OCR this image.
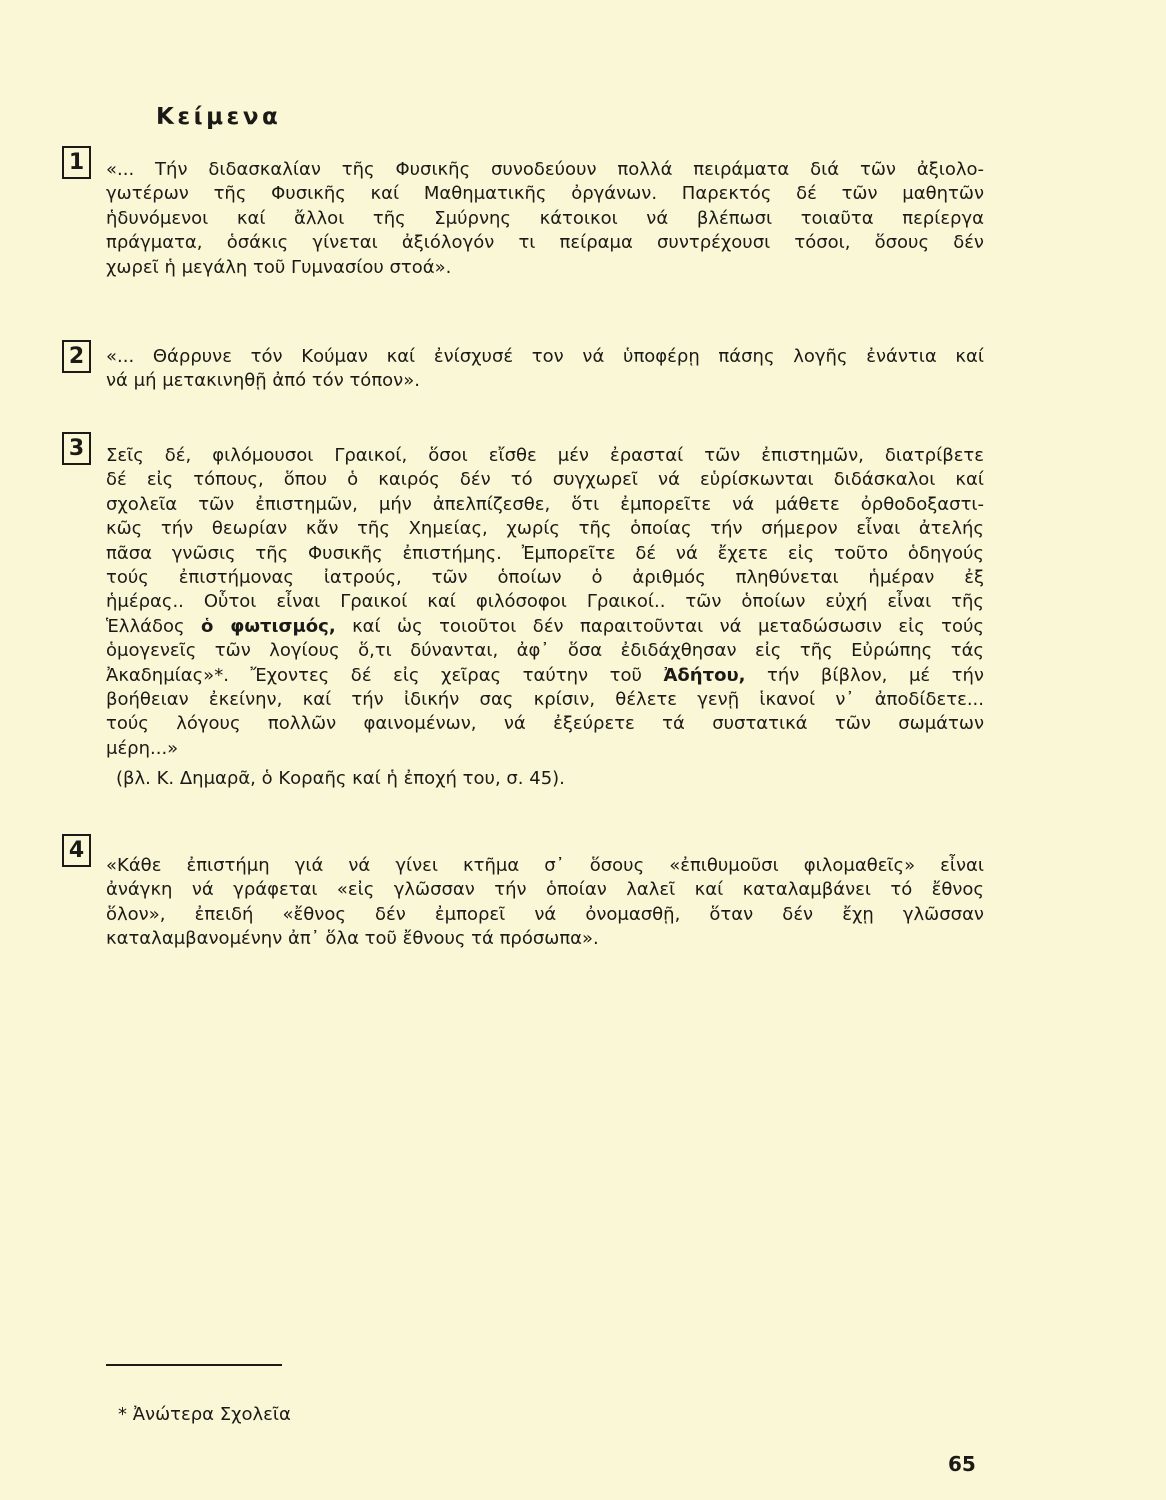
Κείμενα
1	«... Τήν διδασκαλίαν τῆς Φυσικῆς συνοδεύουν πολλά πειράματα διά τῶν ἀξιολο-
γωτέρων τῆς Φυσικῆς καί Μαθηματικῆς ὀργάνων. Παρεκτός δέ τῶν μαθητῶν
ἡδυνόμενοι καί ἄλλοι τῆς Σμύρνης κάτοικοι νά βλέπωσι τοιαῦτα περίεργα
πράγματα, ὁσάκις γίνεται ἀξιόλογόν τι πείραμα συντρέχουσι τόσοι, ὅσους δέν
χωρεῖ ἡ μεγάλη τοῦ Γυμνασίου στοά».
2	«... Θάρρυνε τόν Κούμαν καί ἐνίσχυσέ τον νά ὑποφέρῃ πάσης λογῆς ἐνάντια καί
νά μή μετακινηθῇ ἀπό τόν τόπον».
3	Σεῖς δέ, φιλόμουσοι Γραικοί, ὅσοι εἴσθε μέν ἐρασταί τῶν ἐπιστημῶν, διατρίβετε
δέ εἰς τόπους, ὅπου ὁ καιρός δέν τό συγχωρεῖ νά εὑρίσκωνται διδάσκαλοι καί
σχολεῖα τῶν ἐπιστημῶν, μήν ἀπελπίζεσθε, ὅτι ἐμπορεῖτε νά μάθετε ὀρθοδοξαστι-
κῶς τήν θεωρίαν κἄν τῆς Χημείας, χωρίς τῆς ὁποίας τήν σήμερον εἶναι ἀτελής
πᾶσα γνῶσις τῆς Φυσικῆς ἐπιστήμης. Ἐμπορεῖτε δέ νά ἔχετε εἰς τοῦτο ὁδηγούς
τούς ἐπιστήμονας ἰατρούς, τῶν ὁποίων ὁ ἀριθμός πληθύνεται ἡμέραν ἐξ
ἡμέρας.. Οὗτοι εἶναι Γραικοί καί φιλόσοφοι Γραικοί.. τῶν ὁποίων εὐχή εἶναι τῆς
Ἑλλάδος ὁ φωτισμός, καί ὡς τοιοῦτοι δέν παραιτοῦνται νά μεταδώσωσιν εἰς τούς
ὁμογενεῖς τῶν λογίους ὅ,τι δύνανται, ἀφ᾽ ὅσα ἐδιδάχθησαν εἰς τῆς Εὐρώπης τάς
Ἀκαδημίας»*. Ἔχοντες δέ εἰς χεῖρας ταύτην τοῦ Ἀδήτου, τήν βίβλον, μέ τήν
βοήθειαν ἐκείνην, καί τήν ἰδικήν σας κρίσιν, θέλετε γενῇ ἱκανοί ν᾽ ἀποδίδετε...
τούς λόγους πολλῶν φαινομένων, νά ἐξεύρετε τά συστατικά τῶν σωμάτων
μέρη...»
(βλ. Κ. Δημαρᾶ, ὁ Κοραῆς καί ἡ ἐποχή του, σ. 45).
4
«Κάθε ἐπιστήμη γιά νά γίνει κτῆμα σ᾽ ὅσους «ἐπιθυμοῦσι φιλομαθεῖς» εἶναι
ἀνάγκη νά γράφεται «εἰς γλῶσσαν τήν ὁποίαν λαλεῖ καί καταλαμβάνει τό ἔθνος
ὅλον», ἐπειδή «ἔθνος δέν ἐμπορεῖ νά ὀνομασθῇ, ὅταν δέν ἔχῃ γλῶσσαν
καταλαμβανομένην ἀπ᾽ ὅλα τοῦ ἔθνους τά πρόσωπα».
* Ἀνώτερα Σχολεῖα
65
